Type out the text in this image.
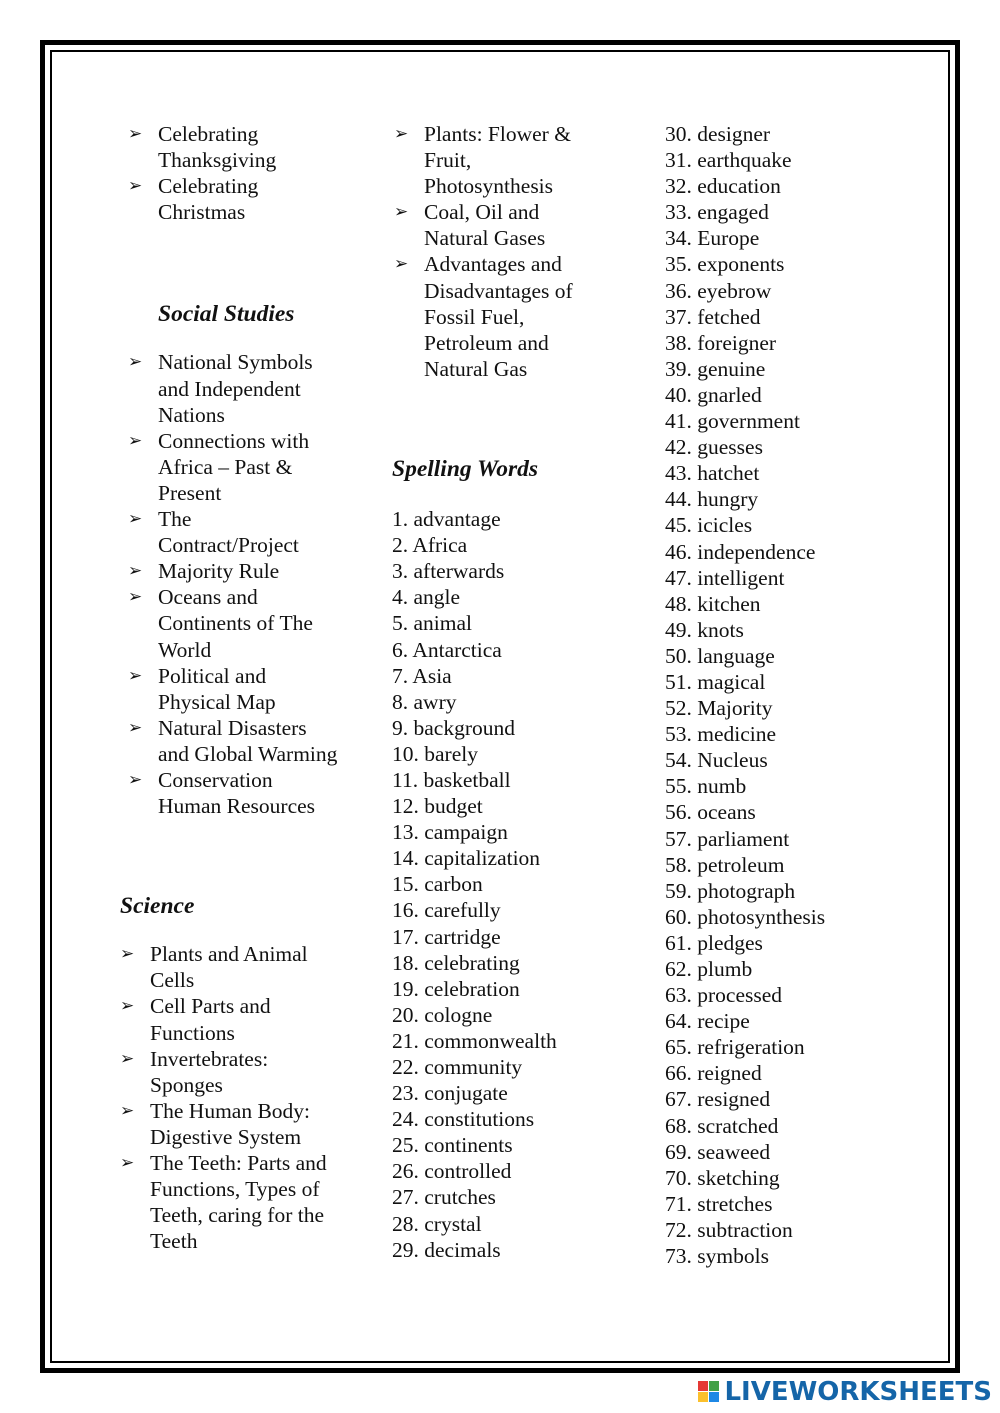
➢ Celebrating Thanksgiving
➢ Celebrating Christmas
Social Studies
➢ National Symbols and Independent Nations
➢ Connections with Africa – Past & Present
➢ The Contract/Project
➢ Majority Rule
➢ Oceans and Continents of The World
➢ Political and Physical Map
➢ Natural Disasters and Global Warming
➢ Conservation Human Resources
Science
➢ Plants and Animal Cells
➢ Cell Parts and Functions
➢ Invertebrates: Sponges
➢ The Human Body: Digestive System
➢ The Teeth: Parts and Functions, Types of Teeth, caring for the Teeth
➢ Plants: Flower & Fruit, Photosynthesis
➢ Coal, Oil and Natural Gases
➢ Advantages and Disadvantages of Fossil Fuel, Petroleum and Natural Gas
Spelling Words
1. advantage
2. Africa
3. afterwards
4. angle
5. animal
6. Antarctica
7. Asia
8. awry
9. background
10. barely
11. basketball
12. budget
13. campaign
14. capitalization
15. carbon
16. carefully
17. cartridge
18. celebrating
19. celebration
20. cologne
21. commonwealth
22. community
23. conjugate
24. constitutions
25. continents
26. controlled
27. crutches
28. crystal
29. decimals
30. designer
31. earthquake
32. education
33. engaged
34. Europe
35. exponents
36. eyebrow
37. fetched
38. foreigner
39. genuine
40. gnarled
41. government
42. guesses
43. hatchet
44. hungry
45. icicles
46. independence
47. intelligent
48. kitchen
49. knots
50. language
51. magical
52. Majority
53. medicine
54. Nucleus
55. numb
56. oceans
57. parliament
58. petroleum
59. photograph
60. photosynthesis
61. pledges
62. plumb
63. processed
64. recipe
65. refrigeration
66. reigned
67. resigned
68. scratched
69. seaweed
70. sketching
71. stretches
72. subtraction
73. symbols
LIVEWORKSHEETS
